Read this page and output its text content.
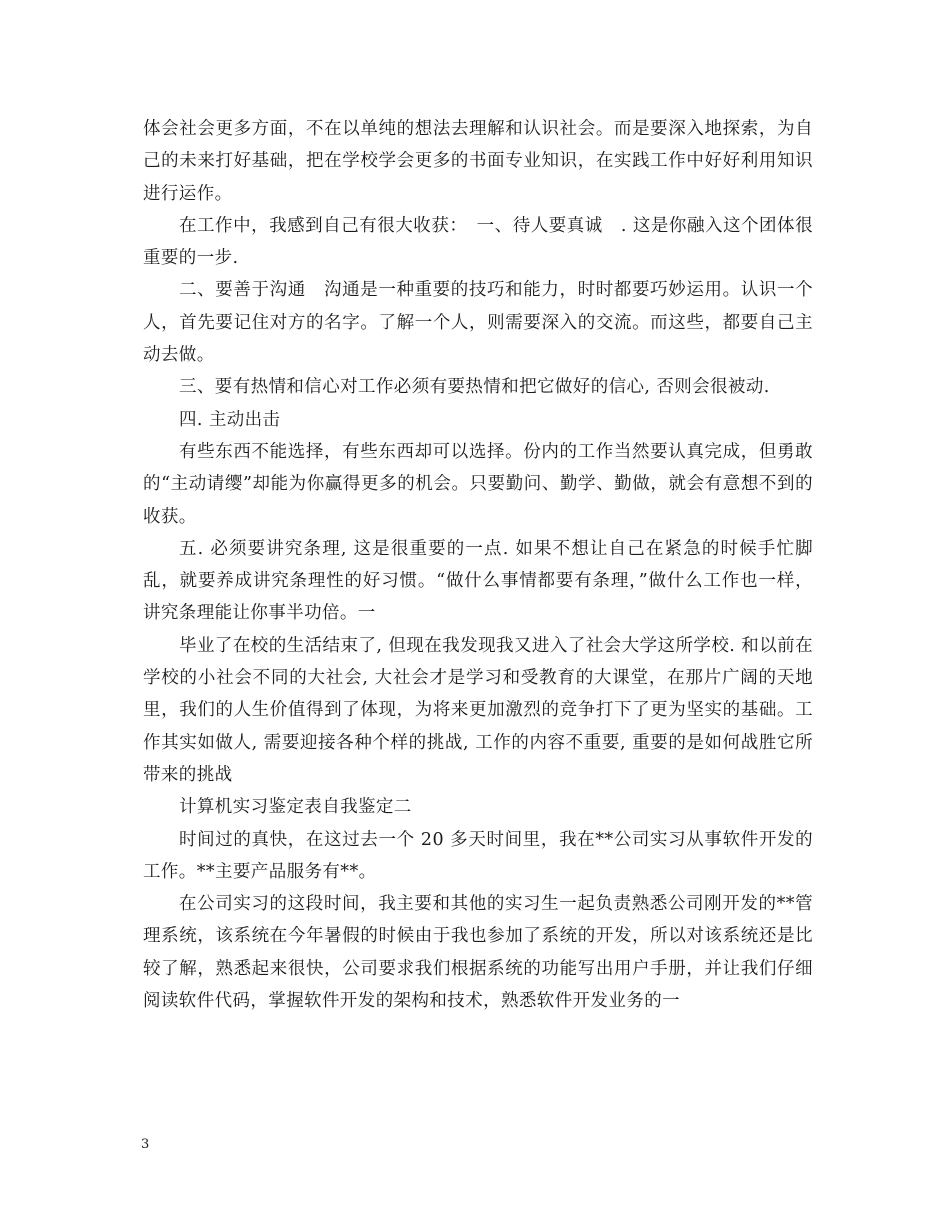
体会社会更多方面，不在以单纯的想法去理解和认识社会。而是要深入地探索，为自己的未来打好基础，把在学校学会更多的书面专业知识，在实践工作中好好利用知识进行运作。

在工作中，我感到自己有很大收获：　一、待人要真诚　. 这是你融入这个团体很重要的一步.

二、要善于沟通　沟通是一种重要的技巧和能力，时时都要巧妙运用。认识一个人，首先要记住对方的名字。了解一个人，则需要深入的交流。而这些，都要自己主动去做。

三、要有热情和信心对工作必须有要热情和把它做好的信心, 否则会很被动.

四. 主动出击

有些东西不能选择，有些东西却可以选择。份内的工作当然要认真完成，但勇敢的“主动请缨”却能为你赢得更多的机会。只要勤问、勤学、勤做，就会有意想不到的收获。

五. 必须要讲究条理, 这是很重要的一点. 如果不想让自己在紧急的时候手忙脚乱，就要养成讲究条理性的好习惯。“做什么事情都要有条理，”做什么工作也一样，讲究条理能让你事半功倍。一

毕业了在校的生活结束了, 但现在我发现我又进入了社会大学这所学校. 和以前在学校的小社会不同的大社会, 大社会才是学习和受教育的大课堂，在那片广阔的天地里，我们的人生价值得到了体现，为将来更加激烈的竞争打下了更为坚实的基础。工作其实如做人, 需要迎接各种个样的挑战, 工作的内容不重要, 重要的是如何战胜它所带来的挑战

计算机实习鉴定表自我鉴定二

时间过的真快，在这过去一个 20 多天时间里，我在**公司实习从事软件开发的工作。**主要产品服务有**。

在公司实习的这段时间，我主要和其他的实习生一起负责熟悉公司刚开发的**管理系统，该系统在今年暑假的时候由于我也参加了系统的开发，所以对该系统还是比较了解，熟悉起来很快，公司要求我们根据系统的功能写出用户手册，并让我们仔细阅读软件代码，掌握软件开发的架构和技术，熟悉软件开发业务的一

3
